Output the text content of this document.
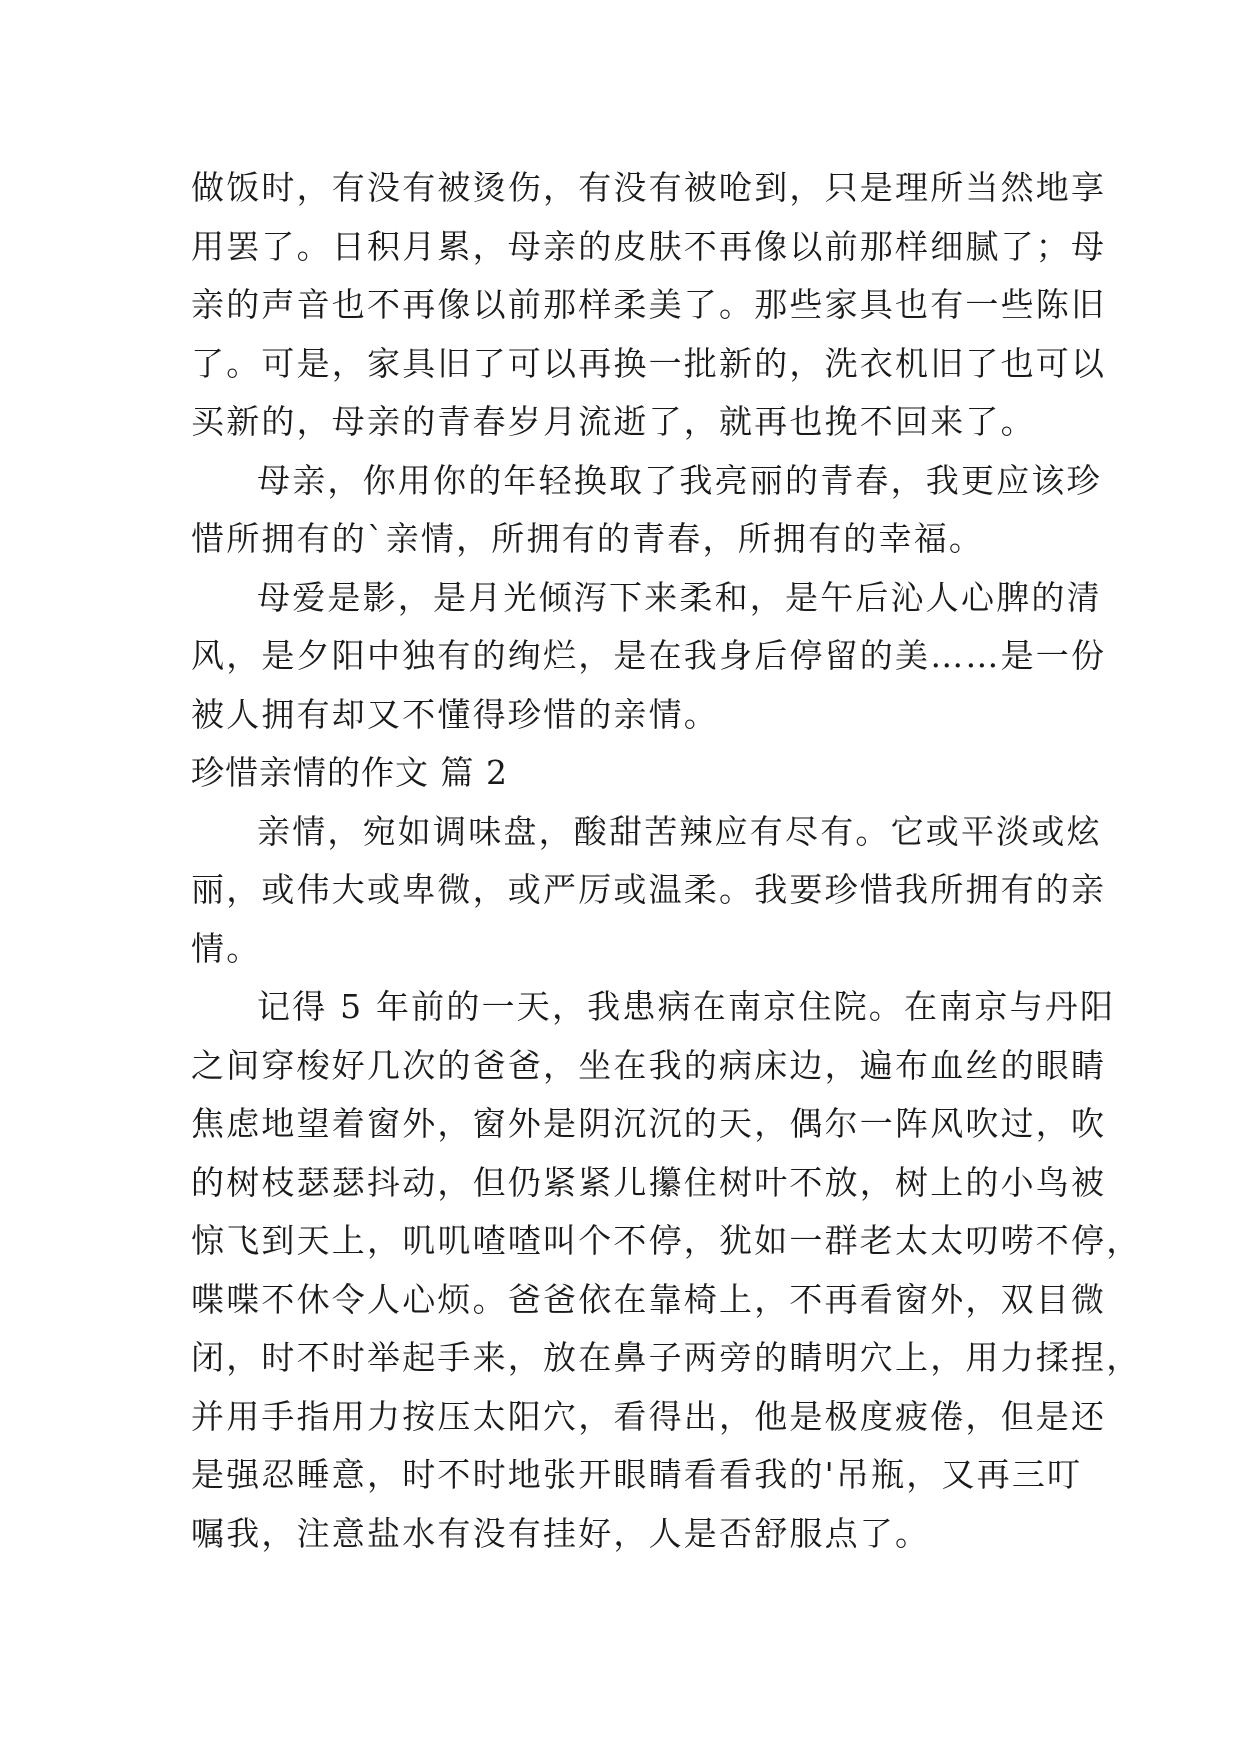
做饭时，有没有被烫伤，有没有被呛到，只是理所当然地享
用罢了。日积月累，母亲的皮肤不再像以前那样细腻了；母
亲的声音也不再像以前那样柔美了。那些家具也有一些陈旧
了。可是，家具旧了可以再换一批新的，洗衣机旧了也可以
买新的，母亲的青春岁月流逝了，就再也挽不回来了。
母亲，你用你的年轻换取了我亮丽的青春，我更应该珍
惜所拥有的`亲情，所拥有的青春，所拥有的幸福。
母爱是影，是月光倾泻下来柔和，是午后沁人心脾的清
风，是夕阳中独有的绚烂，是在我身后停留的美……是一份
被人拥有却又不懂得珍惜的亲情。
珍惜亲情的作文 篇 2
亲情，宛如调味盘，酸甜苦辣应有尽有。它或平淡或炫
丽，或伟大或卑微，或严厉或温柔。我要珍惜我所拥有的亲
情。
记得 5 年前的一天，我患病在南京住院。在南京与丹阳
之间穿梭好几次的爸爸，坐在我的病床边，遍布血丝的眼睛
焦虑地望着窗外，窗外是阴沉沉的天，偶尔一阵风吹过，吹
的树枝瑟瑟抖动，但仍紧紧儿攥住树叶不放，树上的小鸟被
惊飞到天上，叽叽喳喳叫个不停，犹如一群老太太叨唠不停，
喋喋不休令人心烦。爸爸依在靠椅上，不再看窗外，双目微
闭，时不时举起手来，放在鼻子两旁的睛明穴上，用力揉捏，
并用手指用力按压太阳穴，看得出，他是极度疲倦，但是还
是强忍睡意，时不时地张开眼睛看看我的'吊瓶，又再三叮
嘱我，注意盐水有没有挂好，人是否舒服点了。
